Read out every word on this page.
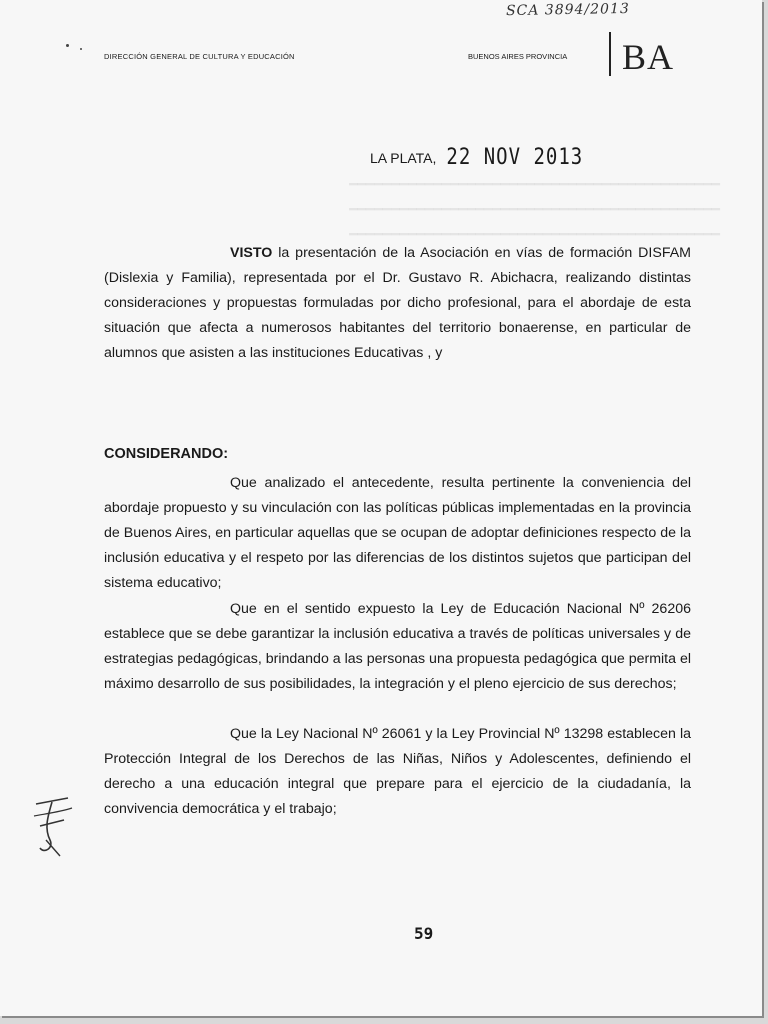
━━━━━━━━━━━━━━━━━━━━━━━━━━━━━━━━━━━━━━━━━━━━
━━━━━━━━━━━━━━━━━━━━━━━━━━━━━━━━━━━━━━━━━━━━
━━━━━━━━━━━━━━━━━━━━━━━━━━━━━━━━━━━━━━━━━━━━
SCA 3894/2013
DIRECCIÓN GENERAL DE CULTURA Y EDUCACIÓN	BUENOS AIRES PROVINCIA BA
LA PLATA, 22 NOV 2013

VISTO la presentación de la Asociación en vías de formación DISFAM (Dislexia y Familia), representada por el Dr. Gustavo R. Abichacra, realizando distintas consideraciones y propuestas formuladas por dicho profesional, para el abordaje de esta situación que afecta a numerosos habitantes del territorio bonaerense, en particular de alumnos que asisten a las instituciones Educativas , y

CONSIDERANDO:

Que analizado el antecedente, resulta pertinente la conveniencia del abordaje propuesto y su vinculación con las políticas públicas implementadas en la provincia de Buenos Aires, en particular aquellas que se ocupan de adoptar definiciones respecto de la inclusión educativa y el respeto por las diferencias de los distintos sujetos que participan del sistema educativo;

Que en el sentido expuesto la Ley de Educación Nacional Nº 26206 establece que se debe garantizar la inclusión educativa a través de políticas universales y de estrategias pedagógicas, brindando a las personas una propuesta pedagógica que permita el máximo desarrollo de sus posibilidades, la integración y el pleno ejercicio de sus derechos;

Que la Ley Nacional Nº 26061 y la Ley Provincial Nº 13298 establecen la Protección Integral de los Derechos de las Niñas, Niños y Adolescentes, definiendo el derecho a una educación integral que prepare para el ejercicio de la ciudadanía, la convivencia democrática y el trabajo;

59
